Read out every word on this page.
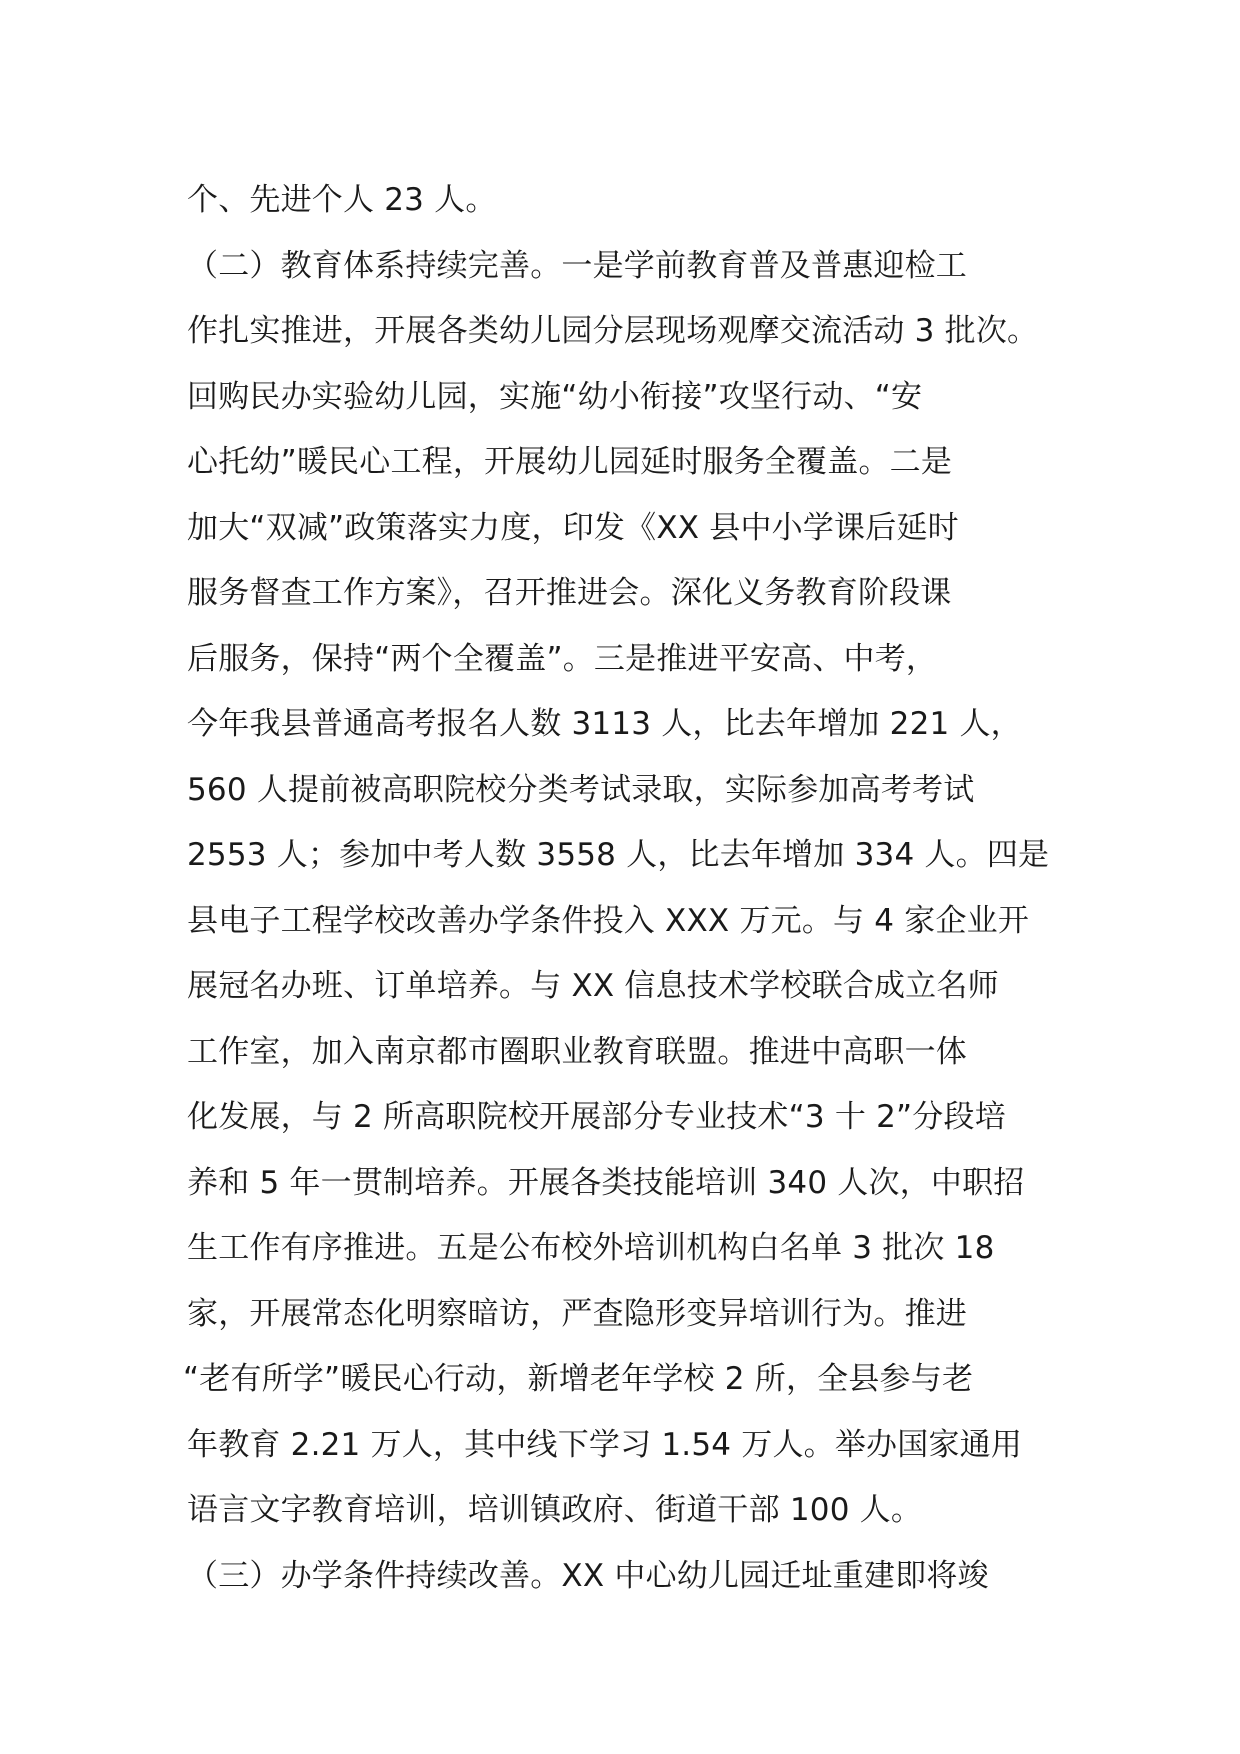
个、先进个人 23 人。
（二）教育体系持续完善。一是学前教育普及普惠迎检工
作扎实推进，开展各类幼儿园分层现场观摩交流活动 3 批次。
回购民办实验幼儿园，实施“幼小衔接”攻坚行动、“安
心托幼”暖民心工程，开展幼儿园延时服务全覆盖。二是
加大“双减”政策落实力度，印发《XX 县中小学课后延时
服务督查工作方案》，召开推进会。深化义务教育阶段课
后服务，保持“两个全覆盖”。三是推进平安高、中考，
今年我县普通高考报名人数 3113 人，比去年增加 221 人，
560 人提前被高职院校分类考试录取，实际参加高考考试
2553 人；参加中考人数 3558 人，比去年增加 334 人。四是
县电子工程学校改善办学条件投入 XXX 万元。与 4 家企业开
展冠名办班、订单培养。与 XX 信息技术学校联合成立名师
工作室，加入南京都市圈职业教育联盟。推进中高职一体
化发展，与 2 所高职院校开展部分专业技术“3 十 2”分段培
养和 5 年一贯制培养。开展各类技能培训 340 人次，中职招
生工作有序推进。五是公布校外培训机构白名单 3 批次 18
家，开展常态化明察暗访，严查隐形变异培训行为。推进
“老有所学”暖民心行动，新增老年学校 2 所，全县参与老
年教育 2.21 万人，其中线下学习 1.54 万人。举办国家通用
语言文字教育培训，培训镇政府、街道干部 100 人。
（三）办学条件持续改善。XX 中心幼儿园迁址重建即将竣
